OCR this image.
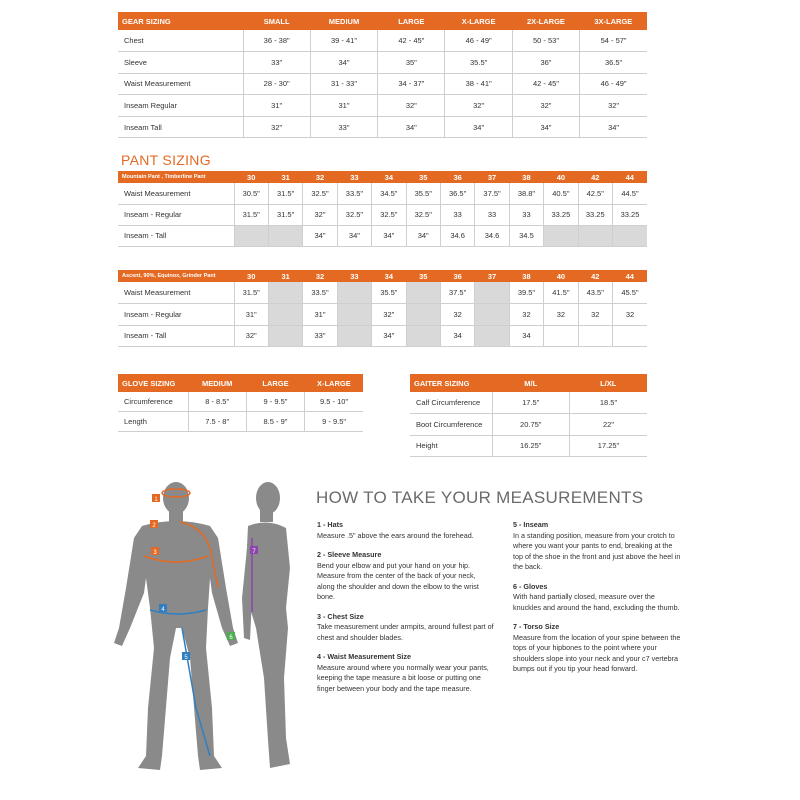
GEAR SIZING	SMALL	MEDIUM	LARGE	X-LARGE	2X-LARGE	3X-LARGE
Chest	36 - 38"	39 - 41"	42 - 45"	46 - 49"	50 - 53"	54 - 57"
Sleeve	33"	34"	35"	35.5"	36"	36.5"
Waist Measurement	28 - 30"	31 - 33"	34 - 37"	38 - 41"	42 - 45"	46 - 49"
Inseam Regular	31"	31"	32"	32"	32"	32"
Inseam Tall	32"	33"	34"	34"	34"	34"
PANT SIZING
Mountain Pant , Timberline Pant	30	31	32	33	34	35	36	37	38	40	42	44
Waist Measurement	30.5"	31.5"	32.5"	33.5"	34.5"	35.5"	36.5"	37.5"	38.8"	40.5"	42.5"	44.5"
Inseam - Regular	31.5"	31.5"	32"	32.5"	32.5"	32.5"	33	33	33	33.25	33.25	33.25
Inseam - Tall			34"	34"	34"	34"	34.6	34.6	34.5			
Ascent, 90%, Equinox, Grinder Pant	30	31	32	33	34	35	36	37	38	40	42	44
Waist Measurement	31.5"		33.5"		35.5"		37.5"		39.5"	41.5"	43.5"	45.5"
Inseam - Regular	31"		31"		32"		32		32	32	32	32
Inseam - Tall	32"		33"		34"		34		34			
GLOVE SIZING	MEDIUM	LARGE	X-LARGE
Circumference	8 - 8.5"	9 - 9.5"	9.5 - 10"
Length	7.5 - 8"	8.5 - 9"	9 - 9.5"
GAITER SIZING	M/L	L/XL
Calf Circumference	17.5"	18.5"
Boot Circumference	20.75"	22"
Height	16.25"	17.25"
1
2
3
4
5
6
7
HOW TO TAKE YOUR MEASUREMENTS
1 - Hats
Measure .5" above the ears around the forehead.
2 - Sleeve Measure
Bend your elbow and put your hand on your hip. Measure from the center of the back of your neck, along the shoulder and down the elbow to the wrist bone.
3 - Chest Size
Take measurement under armpits, around fullest part of chest and shoulder blades.
4 - Waist Measurement Size
Measure around where you normally wear your pants, keeping the tape measure a bit loose or putting one finger between your body and the tape measure.
5 - Inseam
In a standing position, measure from your crotch to where you want your pants to end, breaking at the top of the shoe in the front and just above the heel in the back.
6 - Gloves
With hand partially closed, measure over the knuckles and around the hand, excluding the thumb.
7 - Torso Size
Measure from the location of your spine between the tops of your hipbones to the point where your shoulders slope into your neck and your c7 vertebra bumps out if you tip your head forward.
